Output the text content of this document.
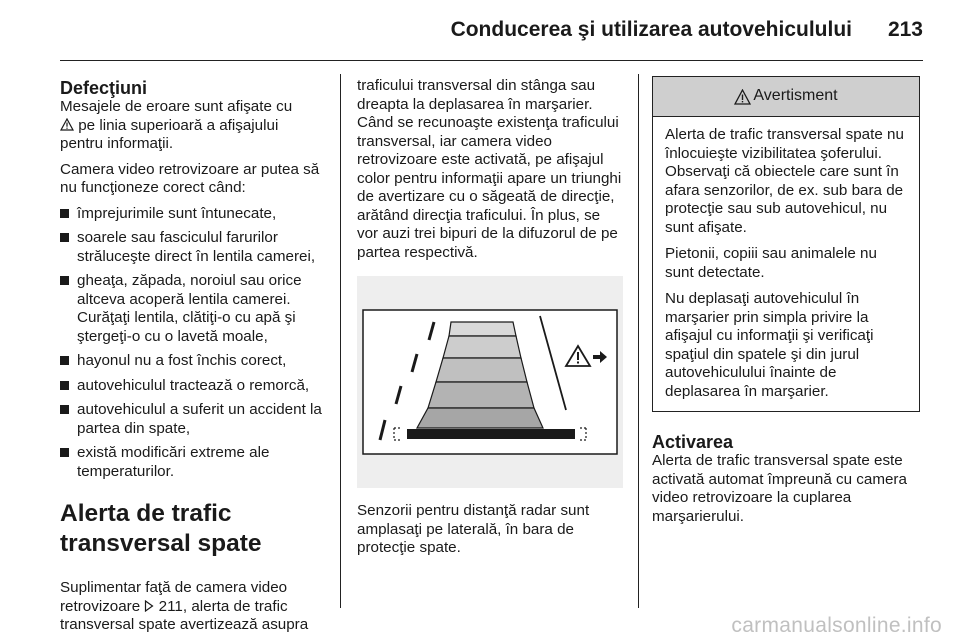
Conducerea şi utilizarea autovehiculului 213
Defecţiuni

Mesajele de eroare sunt afişate cu
pe linia superioară a afişajului pentru informaţii.

Camera video retrovizoare ar putea să nu funcţioneze corect când:

împrejurimile sunt întunecate,
soarele sau fasciculul farurilor străluceşte direct în lentila camerei,
gheaţa, zăpada, noroiul sau orice altceva acoperă lentila camerei. Curăţaţi lentila, clătiţi-o cu apă şi ştergeţi-o cu o lavetă moale,
hayonul nu a fost închis corect,
autovehiculul tractează o remorcă,
autovehiculul a suferit un accident la partea din spate,
există modificări extreme ale temperaturilor.
Alerta de trafic transversal spate

Suplimentar faţă de camera video retrovizoare 211, alerta de trafic transversal spate avertizează asupra

traficului transversal din stânga sau dreapta la deplasarea în marşarier. Când se recunoaşte existenţa traficului transversal, iar camera video retrovizoare este activată, pe afişajul color pentru informaţii apare un triunghi de avertizare cu o săgeată de direcţie, arătând direcţia traficului. În plus, se vor auzi trei bipuri de la difuzorul de pe partea respectivă.

Senzorii pentru distanţă radar sunt amplasaţi pe laterală, în bara de protecţie spate.

Avertisment

Alerta de trafic transversal spate nu înlocuieşte vizibilitatea şoferului. Observaţi că obiectele care sunt în afara senzorilor, de ex. sub bara de protecţie sau sub autovehicul, nu sunt afişate.

Pietonii, copiii sau animalele nu sunt detectate.

Nu deplasaţi autovehiculul în marşarier prin simpla privire la afişajul cu informaţii şi verificaţi spaţiul din spatele şi din jurul autovehiculului înainte de deplasarea în marşarier.

Activarea

Alerta de trafic transversal spate este activată automat împreună cu camera video retrovizoare la cuplarea marşarierului.

carmanualsonline.info
